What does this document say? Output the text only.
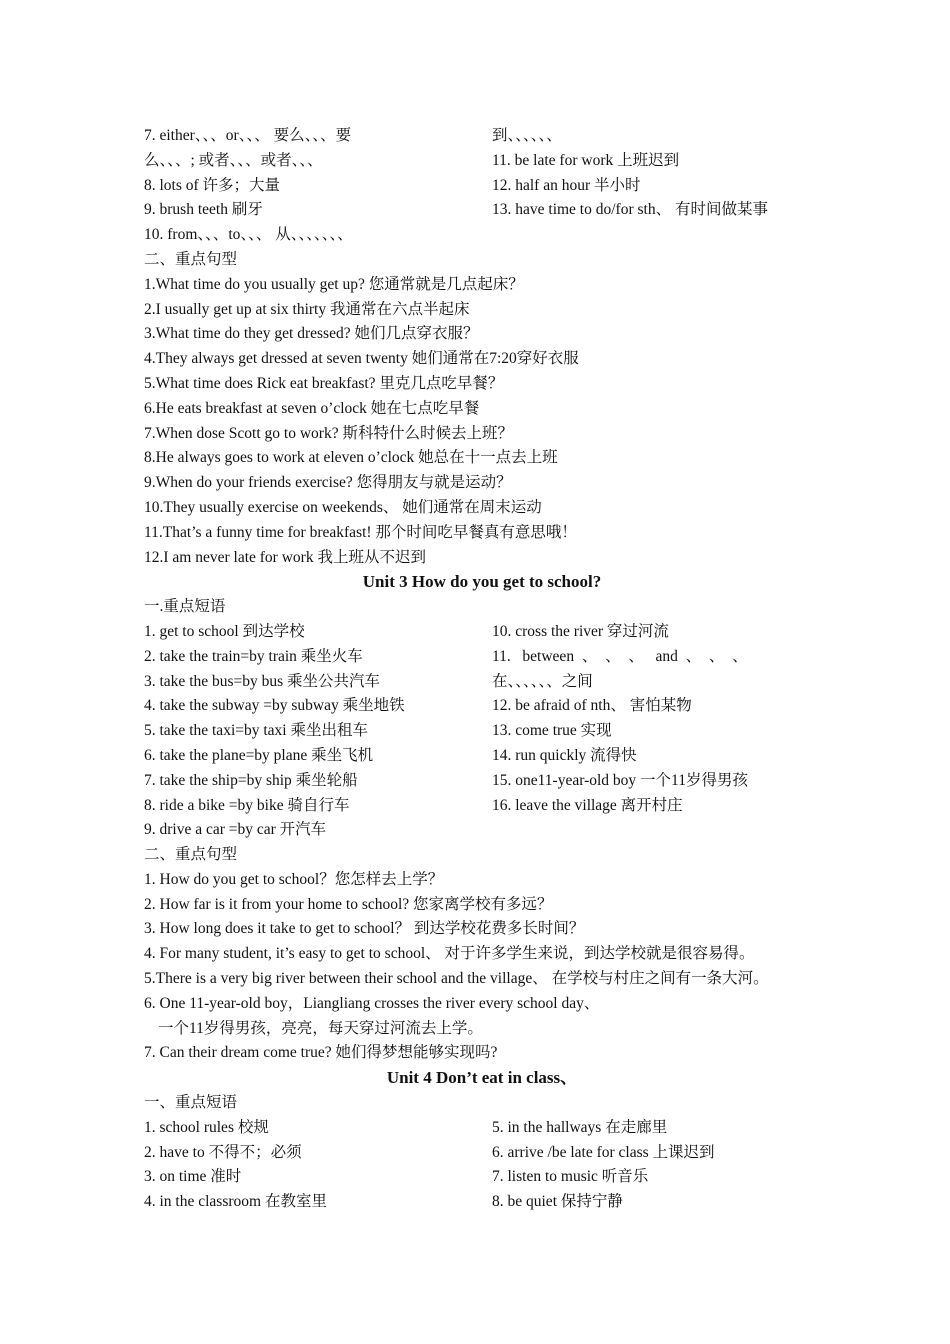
7. either、、、or、、、 要么、、、要
么、、、; 或者、、、或者、、、
8. lots of 许多；大量
9. brush teeth 刷牙
10. from、、、to、、、 从、、、、、、、
到、、、、、、
11. be late for work 上班迟到
12. half an hour 半小时
13. have time to do/for sth、 有时间做某事
二、重点句型
1.What time do you usually get up? 您通常就是几点起床？
2.I usually get up at six thirty 我通常在六点半起床
3.What time do they get dressed? 她们几点穿衣服？
4.They always get dressed at seven twenty 她们通常在7:20穿好衣服
5.What time does Rick eat breakfast? 里克几点吃早餐？
6.He eats breakfast at seven o’clock 她在七点吃早餐
7.When dose Scott go to work? 斯科特什么时候去上班？
8.He always goes to work at eleven o’clock 她总在十一点去上班
9.When do your friends exercise? 您得朋友与就是运动？
10.They usually exercise on weekends、 她们通常在周末运动
11.That’s a funny time for breakfast! 那个时间吃早餐真有意思哦！
12.I am never late for work 我上班从不迟到
Unit 3 How do you get to school?
一.重点短语
1. get to school 到达学校
2. take the train=by train 乘坐火车
3. take the bus=by bus 乘坐公共汽车
4. take the subway =by subway 乘坐地铁
5. take the taxi=by taxi 乘坐出租车
6. take the plane=by plane 乘坐飞机
7. take the ship=by ship 乘坐轮船
8. ride a bike =by bike 骑自行车
9. drive a car =by car 开汽车
10. cross the river 穿过河流
11.   between  、  、  、   and  、  、  、
在、、、、、、之间
12. be afraid of nth、 害怕某物
13. come true 实现
14. run quickly 流得快
15. one11-year-old boy 一个11岁得男孩
16. leave the village 离开村庄
二、重点句型
1. How do you get to school？您怎样去上学？
2. How far is it from your home to school? 您家离学校有多远？
3. How long does it take to get to school？ 到达学校花费多长时间？
4. For many student, it’s easy to get to school、 对于许多学生来说，到达学校就是很容易得。
5.There is a very big river between their school and the village、 在学校与村庄之间有一条大河。
6. One 11-year-old boy，Liangliang crosses the river every school day、
一个11岁得男孩，亮亮，每天穿过河流去上学。
7. Can their dream come true? 她们得梦想能够实现吗?
Unit 4 Don’t eat in class、
一、重点短语
1. school rules 校规
2. have to 不得不；必须
3. on time 准时
4. in the classroom 在教室里
5. in the hallways 在走廊里
6. arrive /be late for class 上课迟到
7. listen to music 听音乐
8. be quiet 保持宁静
